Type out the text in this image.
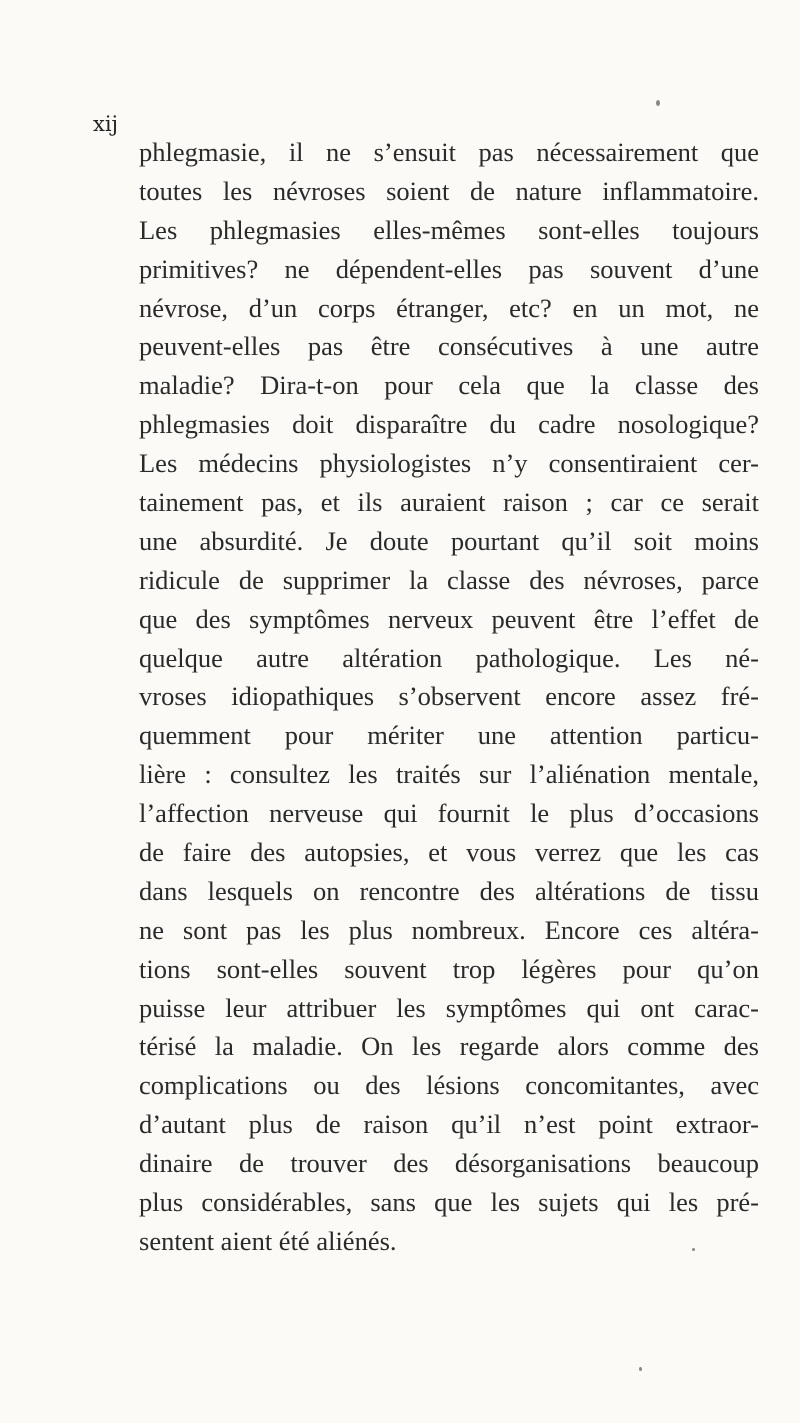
xij
phlegmasie, il ne s’ensuit pas nécessairement que
toutes les névroses soient de nature inflammatoire.
Les phlegmasies elles-mêmes sont-elles toujours
primitives? ne dépendent-elles pas souvent d’une
névrose, d’un corps étranger, etc? en un mot, ne
peuvent-elles pas être consécutives à une autre
maladie? Dira-t-on pour cela que la classe des
phlegmasies doit disparaître du cadre nosologique?
Les médecins physiologistes n’y consentiraient cer-
tainement pas, et ils auraient raison ; car ce serait
une absurdité. Je doute pourtant qu’il soit moins
ridicule de supprimer la classe des névroses, parce
que des symptômes nerveux peuvent être l’effet de
quelque autre altération pathologique. Les né-
vroses idiopathiques s’observent encore assez fré-
quemment pour mériter une attention particu-
lière : consultez les traités sur l’aliénation mentale,
l’affection nerveuse qui fournit le plus d’occasions
de faire des autopsies, et vous verrez que les cas
dans lesquels on rencontre des altérations de tissu
ne sont pas les plus nombreux. Encore ces altéra-
tions sont-elles souvent trop légères pour qu’on
puisse leur attribuer les symptômes qui ont carac-
térisé la maladie. On les regarde alors comme des
complications ou des lésions concomitantes, avec
d’autant plus de raison qu’il n’est point extraor-
dinaire de trouver des désorganisations beaucoup
plus considérables, sans que les sujets qui les pré-
sentent aient été aliénés.
